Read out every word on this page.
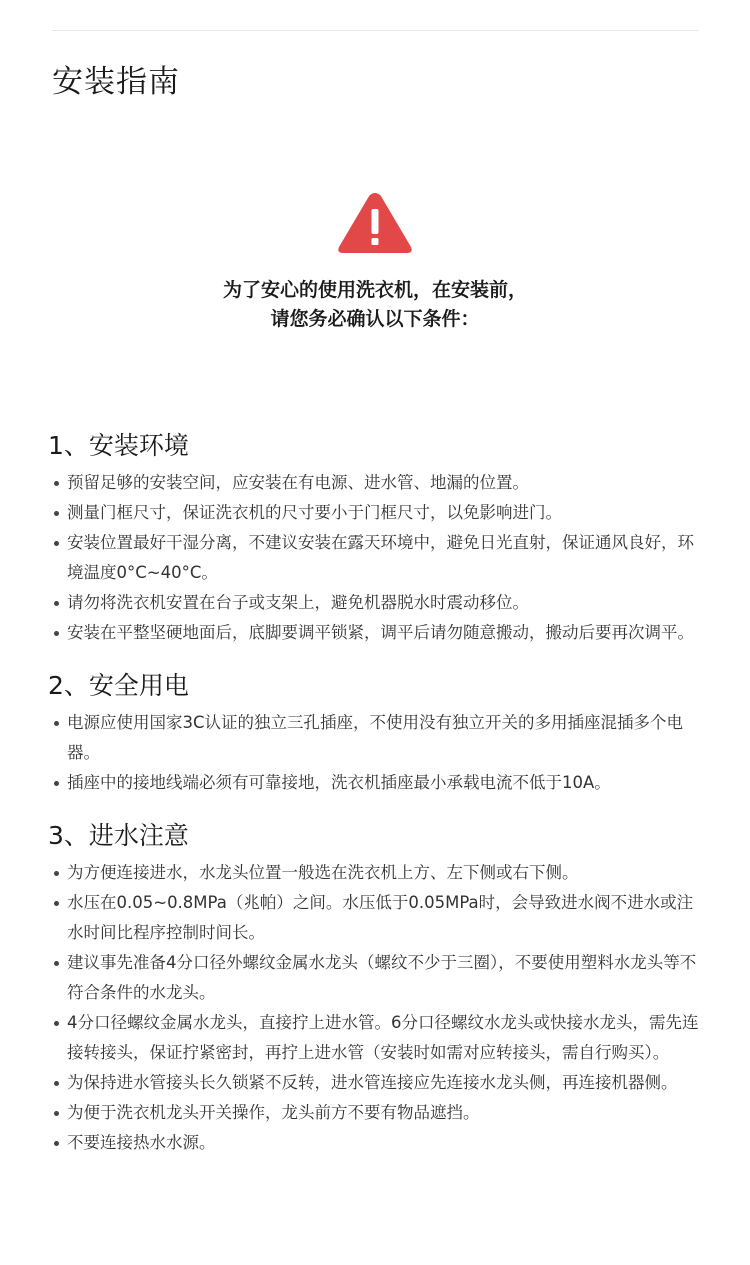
安装指南
为了安心的使用洗衣机，在安装前，
请您务必确认以下条件：
1、安装环境
预留足够的安装空间，应安装在有电源、进水管、地漏的位置。
测量门框尺寸，保证洗衣机的尺寸要小于门框尺寸，以免影响进门。
安装位置最好干湿分离，不建议安装在露天环境中，避免日光直射，保证通风良好，环境温度0°C~40°C。
请勿将洗衣机安置在台子或支架上，避免机器脱水时震动移位。
安装在平整坚硬地面后，底脚要调平锁紧，调平后请勿随意搬动，搬动后要再次调平。
2、安全用电
电源应使用国家3C认证的独立三孔插座，不使用没有独立开关的多用插座混插多个电器。
插座中的接地线端必须有可靠接地，洗衣机插座最小承载电流不低于10A。
3、进水注意
为方便连接进水，水龙头位置一般选在洗衣机上方、左下侧或右下侧。
水压在0.05~0.8MPa（兆帕）之间。水压低于0.05MPa时，会导致进水阀不进水或注水时间比程序控制时间长。
建议事先准备4分口径外螺纹金属水龙头（螺纹不少于三圈），不要使用塑料水龙头等不符合条件的水龙头。
4分口径螺纹金属水龙头，直接拧上进水管。6分口径螺纹水龙头或快接水龙头，需先连接转接头，保证拧紧密封，再拧上进水管（安装时如需对应转接头，需自行购买）。
为保持进水管接头长久锁紧不反转，进水管连接应先连接水龙头侧，再连接机器侧。
为便于洗衣机龙头开关操作，龙头前方不要有物品遮挡。
不要连接热水水源。
